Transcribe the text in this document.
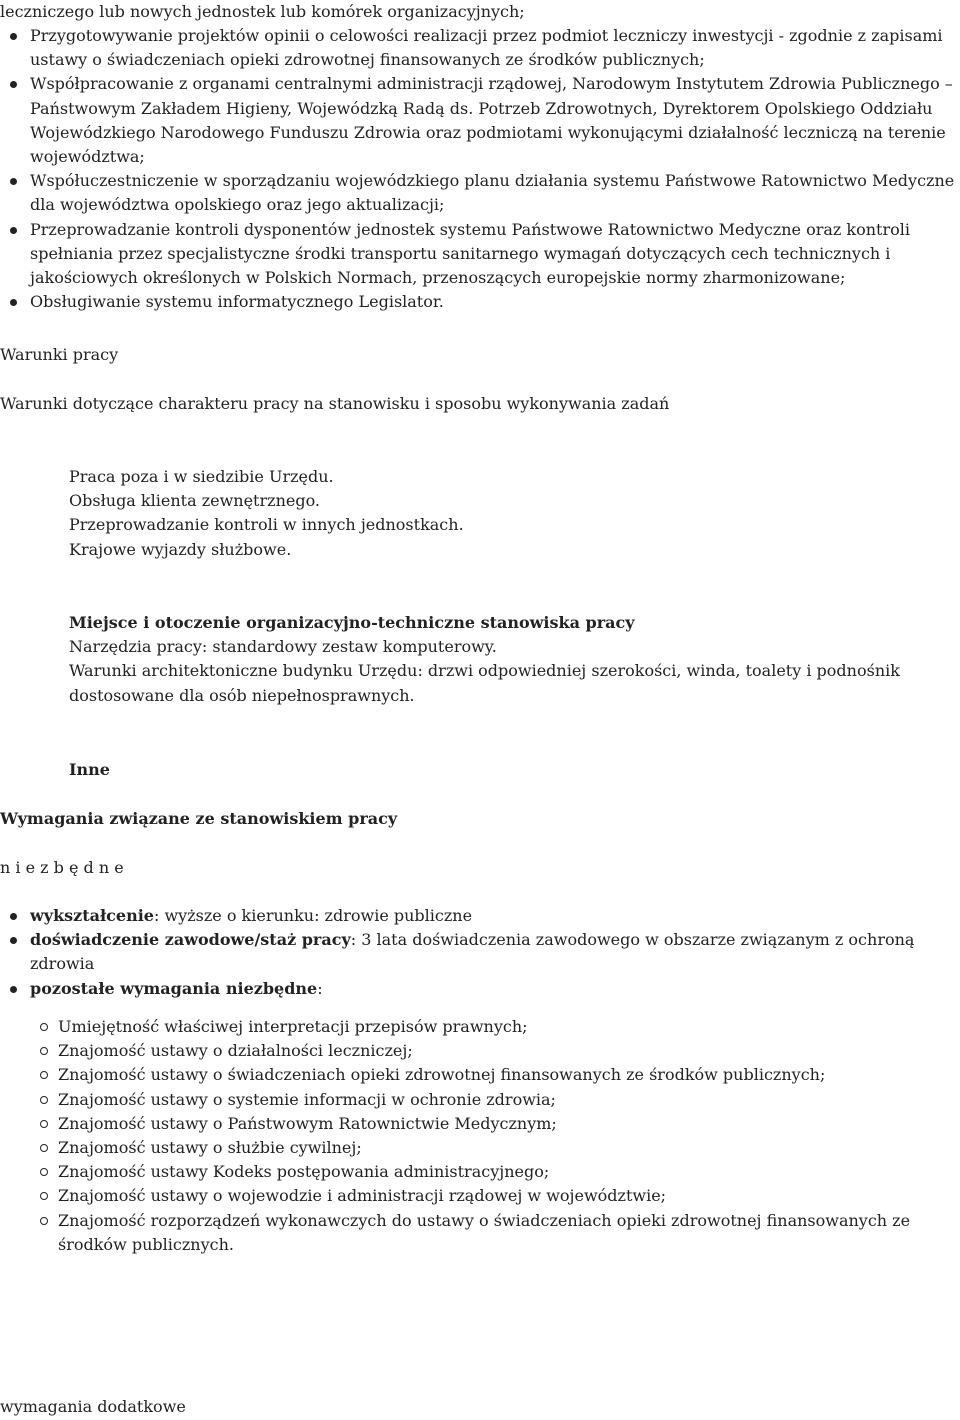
leczniczego lub nowych jednostek lub komórek organizacyjnych;
Przygotowywanie projektów opinii o celowości realizacji przez podmiot leczniczy inwestycji - zgodnie z zapisami ustawy o świadczeniach opieki zdrowotnej finansowanych ze środków publicznych;
Współpracowanie z organami centralnymi administracji rządowej, Narodowym Instytutem Zdrowia Publicznego – Państwowym Zakładem Higieny, Wojewódzką Radą ds. Potrzeb Zdrowotnych, Dyrektorem Opolskiego Oddziału Wojewódzkiego Narodowego Funduszu Zdrowia oraz podmiotami wykonującymi działalność leczniczą na terenie województwa;
Współuczestniczenie w sporządzaniu wojewódzkiego planu działania systemu Państwowe Ratownictwo Medyczne dla województwa opolskiego oraz jego aktualizacji;
Przeprowadzanie kontroli dysponentów jednostek systemu Państwowe Ratownictwo Medyczne oraz kontroli spełniania przez specjalistyczne środki transportu sanitarnego wymagań dotyczących cech technicznych i jakościowych określonych w Polskich Normach, przenoszących europejskie normy zharmonizowane;
Obsługiwanie systemu informatycznego Legislator.
Warunki pracy
Warunki dotyczące charakteru pracy na stanowisku i sposobu wykonywania zadań
Praca poza i w siedzibie Urzędu.
Obsługa klienta zewnętrznego.
Przeprowadzanie kontroli w innych jednostkach.
Krajowe wyjazdy służbowe.
Miejsce i otoczenie organizacyjno-techniczne stanowiska pracy
Narzędzia pracy: standardowy zestaw komputerowy.
Warunki architektoniczne budynku Urzędu: drzwi odpowiedniej szerokości, winda, toalety i podnośnik dostosowane dla osób niepełnosprawnych.
Inne
Wymagania związane ze stanowiskiem pracy
n i e z b ę d n e
wykształcenie: wyższe o kierunku: zdrowie publiczne
doświadczenie zawodowe/staż pracy: 3 lata doświadczenia zawodowego w obszarze związanym z ochroną zdrowia
pozostałe wymagania niezbędne:
Umiejętność właściwej interpretacji przepisów prawnych;
Znajomość ustawy o działalności leczniczej;
Znajomość ustawy o świadczeniach opieki zdrowotnej finansowanych ze środków publicznych;
Znajomość ustawy o systemie informacji w ochronie zdrowia;
Znajomość ustawy o Państwowym Ratownictwie Medycznym;
Znajomość ustawy o służbie cywilnej;
Znajomość ustawy Kodeks postępowania administracyjnego;
Znajomość ustawy o wojewodzie i administracji rządowej w województwie;
Znajomość rozporządzeń wykonawczych do ustawy o świadczeniach opieki zdrowotnej finansowanych ze środków publicznych.
wymagania dodatkowe
